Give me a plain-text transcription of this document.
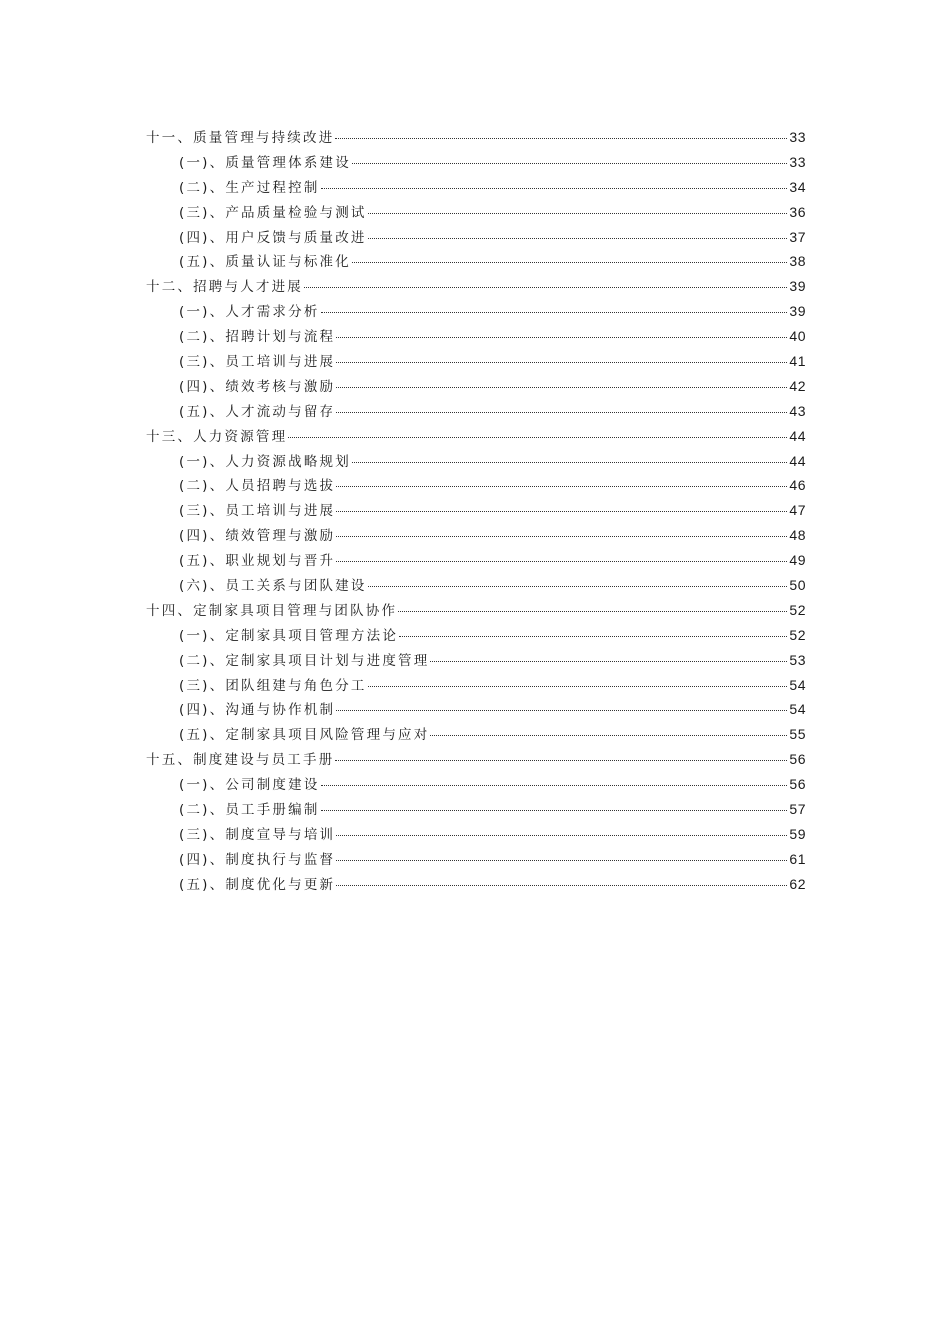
十一、质量管理与持续改进	33
(一)、质量管理体系建设	33
(二)、生产过程控制	34
(三)、产品质量检验与测试	36
(四)、用户反馈与质量改进	37
(五)、质量认证与标准化	38
十二、招聘与人才进展	39
(一)、人才需求分析	39
(二)、招聘计划与流程	40
(三)、员工培训与进展	41
(四)、绩效考核与激励	42
(五)、人才流动与留存	43
十三、人力资源管理	44
(一)、人力资源战略规划	44
(二)、人员招聘与选拔	46
(三)、员工培训与进展	47
(四)、绩效管理与激励	48
(五)、职业规划与晋升	49
(六)、员工关系与团队建设	50
十四、定制家具项目管理与团队协作	52
(一)、定制家具项目管理方法论	52
(二)、定制家具项目计划与进度管理	53
(三)、团队组建与角色分工	54
(四)、沟通与协作机制	54
(五)、定制家具项目风险管理与应对	55
十五、制度建设与员工手册	56
(一)、公司制度建设	56
(二)、员工手册编制	57
(三)、制度宣导与培训	59
(四)、制度执行与监督	61
(五)、制度优化与更新	62
